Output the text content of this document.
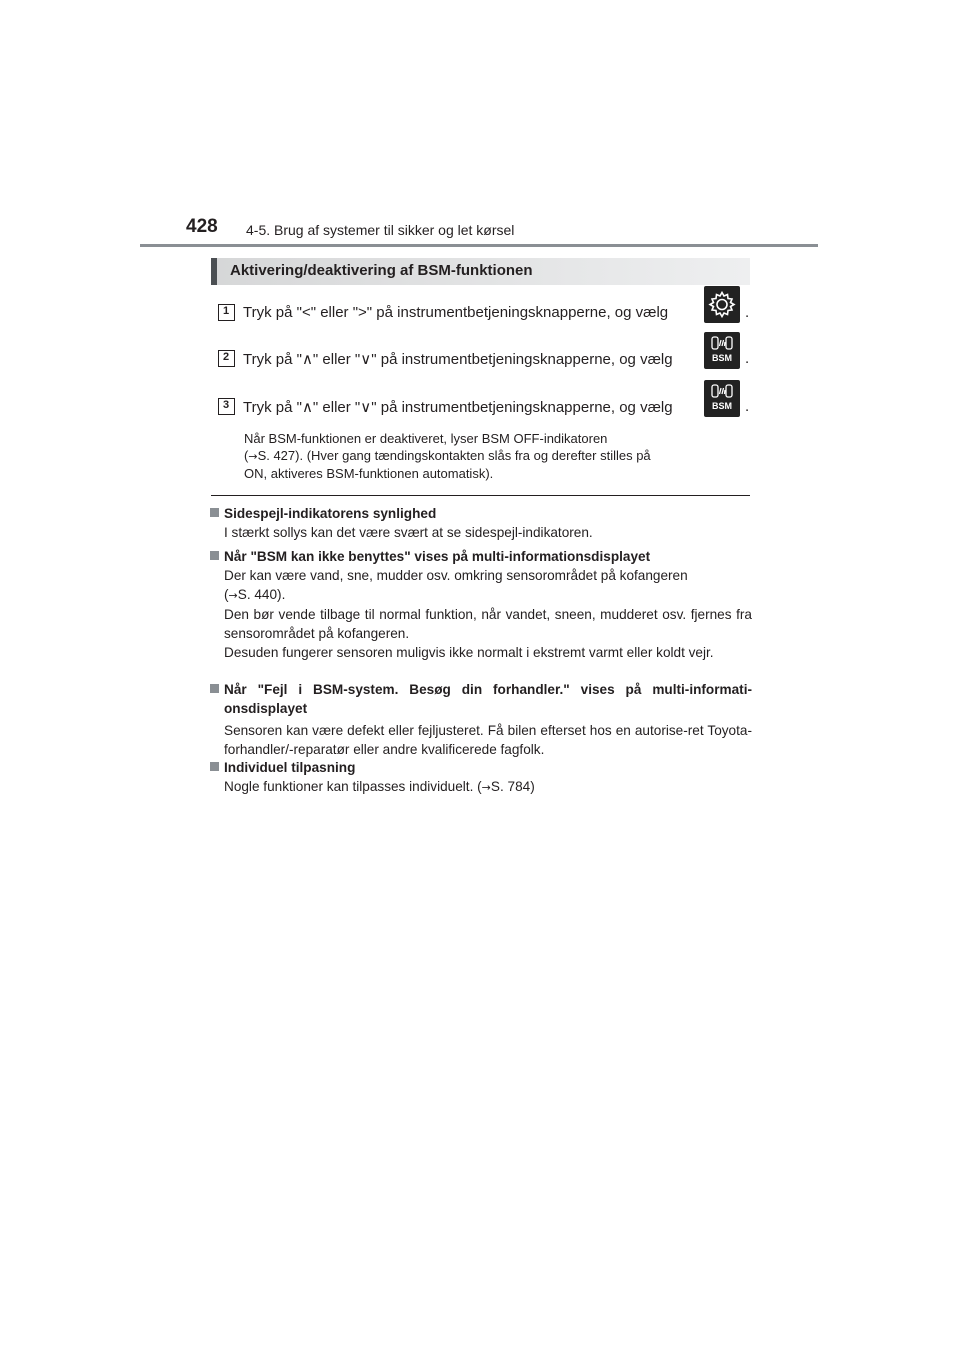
428 4-5. Brug af systemer til sikker og let kørsel
Aktivering/deaktivering af BSM-funktionen
1 Tryk på "<" eller ">" på instrumentbetjeningsknapperne, og vælg	.
2 Tryk på "∧" eller "∨" på instrumentbetjeningsknapperne, og vælg	BSM .
3 Tryk på "∧" eller "∨" på instrumentbetjeningsknapperne, og vælg	BSM .
Når BSM-funktionen er deaktiveret, lyser BSM OFF-indikatoren
(→S. 427). (Hver gang tændingskontakten slås fra og derefter stilles på
ON, aktiveres BSM-funktionen automatisk).
Sidespejl-indikatorens synlighed
I stærkt sollys kan det være svært at se sidespejl-indikatoren.
Når "BSM kan ikke benyttes" vises på multi-informationsdisplayet
Der kan være vand, sne, mudder osv. omkring sensorområdet på kofangeren
(→S. 440).
Den bør vende tilbage til normal funktion, når vandet, sneen, mudderet osv. fjernes fra sensorområdet på kofangeren.
Desuden fungerer sensoren muligvis ikke normalt i ekstremt varmt eller koldt vejr.
Når "Fejl i BSM-system. Besøg din forhandler." vises på multi-informati-onsdisplayet
Sensoren kan være defekt eller fejljusteret. Få bilen efterset hos en autorise-ret Toyota-forhandler/-reparatør eller andre kvalificerede fagfolk.
Individuel tilpasning
Nogle funktioner kan tilpasses individuelt. (→S. 784)
